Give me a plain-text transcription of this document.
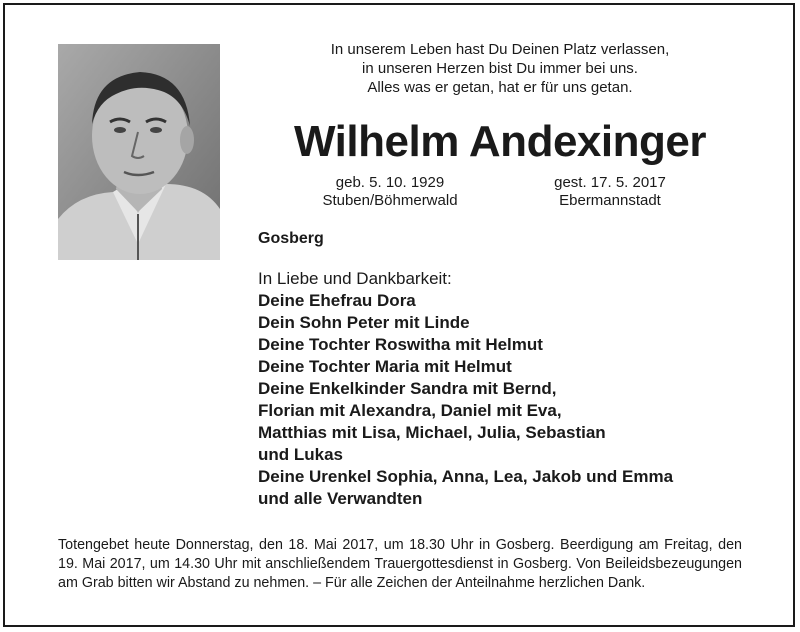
In unserem Leben hast Du Deinen Platz verlassen,
in unseren Herzen bist Du immer bei uns.
Alles was er getan, hat er für uns getan.
Wilhelm Andexinger
geb. 5. 10. 1929
Stuben/Böhmerwald
gest. 17. 5. 2017
Ebermannstadt
Gosberg
In Liebe und Dankbarkeit:
Deine Ehefrau Dora
Dein Sohn Peter mit Linde
Deine Tochter Roswitha mit Helmut
Deine Tochter Maria mit Helmut
Deine Enkelkinder Sandra mit Bernd,
Florian mit Alexandra, Daniel mit Eva,
Matthias mit Lisa, Michael, Julia, Sebastian
und Lukas
Deine Urenkel Sophia, Anna, Lea, Jakob und Emma
und alle Verwandten
Totengebet heute Donnerstag, den 18. Mai 2017, um 18.30 Uhr in Gosberg. Beerdigung am Freitag, den 19. Mai 2017, um 14.30 Uhr mit anschließendem Trauergottesdienst in Gosberg. Von Beileidsbezeugungen am Grab bitten wir Abstand zu nehmen. – Für alle Zeichen der Anteilnahme herzlichen Dank.
